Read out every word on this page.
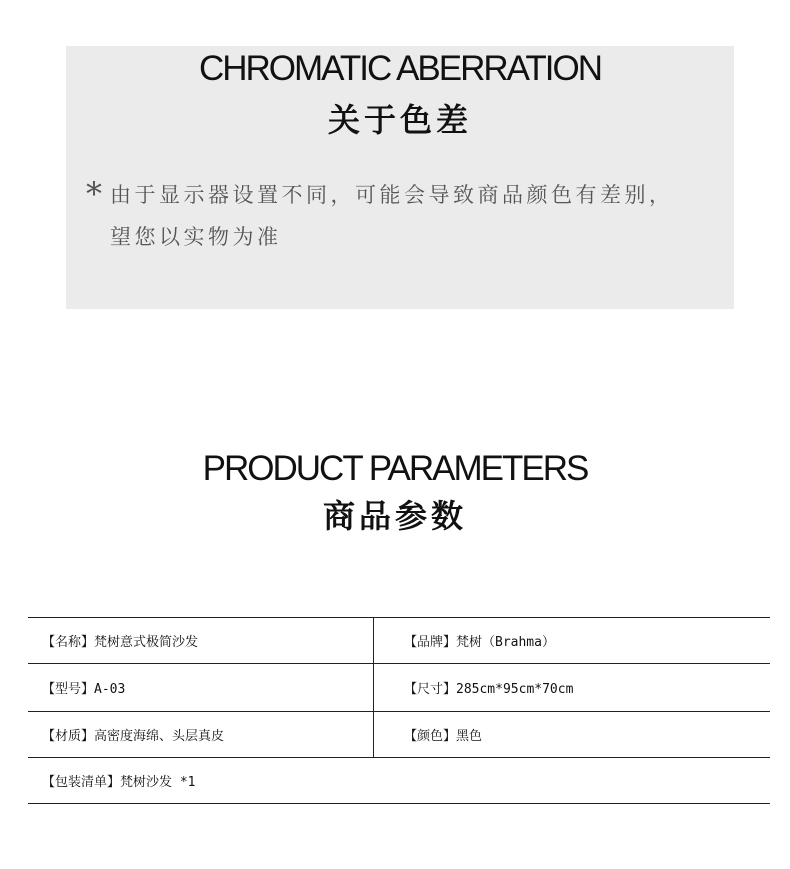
CHROMATIC ABERRATION
关于色差
* 由于显示器设置不同，可能会导致商品颜色有差别，
望您以实物为准
PRODUCT PARAMETERS
商品参数
【名称】梵树意式极简沙发	【品牌】梵树（Brahma）
【型号】A-03	【尺寸】285cm*95cm*70cm
【材质】高密度海绵、头层真皮	【颜色】黑色
【包装清单】梵树沙发 *1
